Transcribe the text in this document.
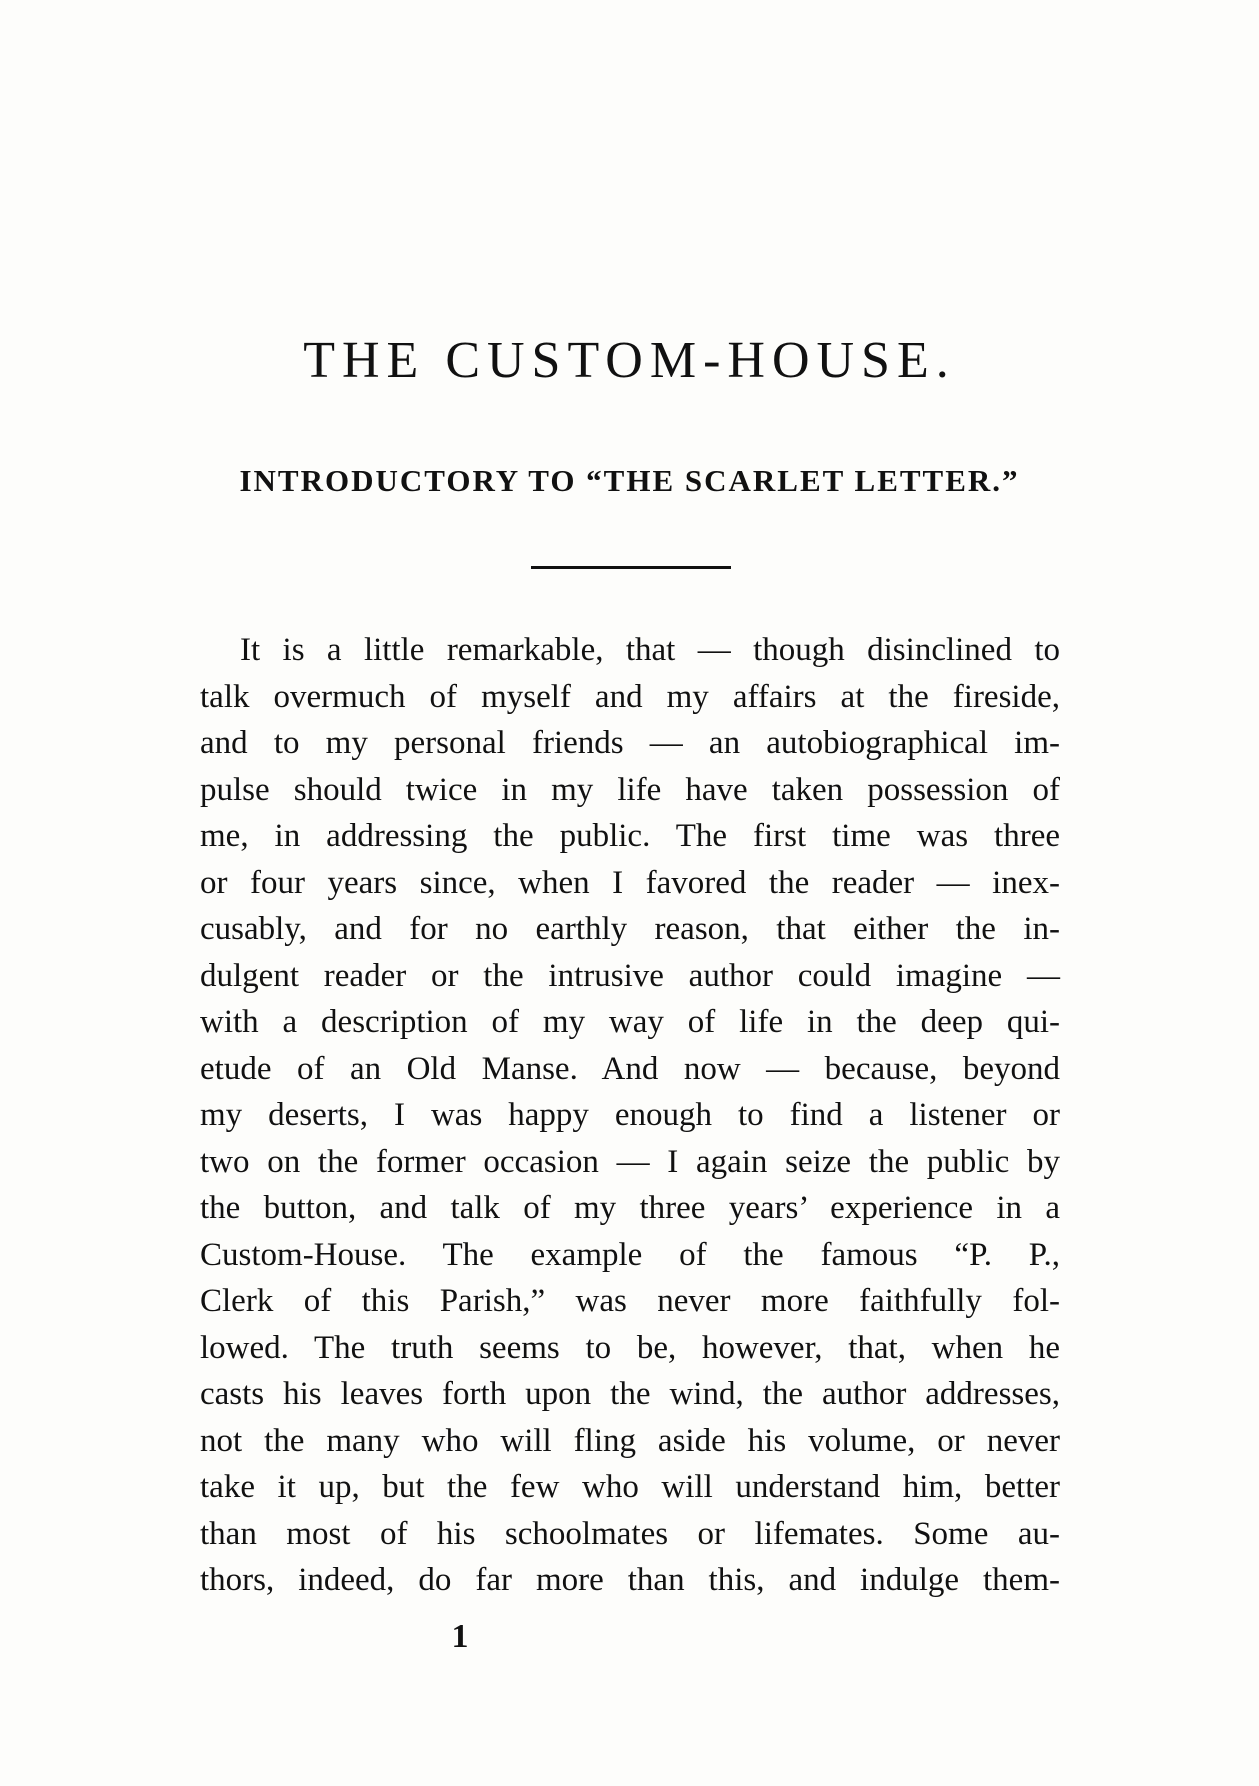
THE CUSTOM-HOUSE.
INTRODUCTORY TO “THE SCARLET LETTER.”
It is a little remarkable, that — though disinclined to
talk overmuch of myself and my affairs at the fireside,
and to my personal friends — an autobiographical im-
pulse should twice in my life have taken possession of
me, in addressing the public. The first time was three
or four years since, when I favored the reader — inex-
cusably, and for no earthly reason, that either the in-
dulgent reader or the intrusive author could imagine —
with a description of my way of life in the deep qui-
etude of an Old Manse. And now — because, beyond
my deserts, I was happy enough to find a listener or
two on the former occasion — I again seize the public by
the button, and talk of my three years’ experience in a
Custom-House. The example of the famous “P. P.,
Clerk of this Parish,” was never more faithfully fol-
lowed. The truth seems to be, however, that, when he
casts his leaves forth upon the wind, the author addresses,
not the many who will fling aside his volume, or never
take it up, but the few who will understand him, better
than most of his schoolmates or lifemates. Some au-
thors, indeed, do far more than this, and indulge them-
1
